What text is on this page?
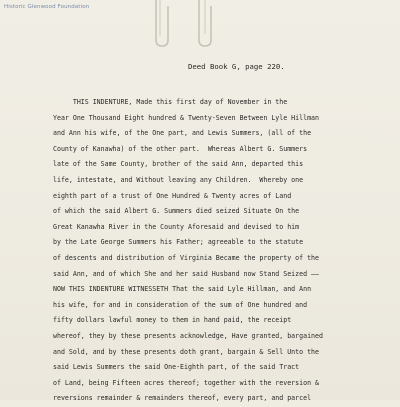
Historic Glenwood Foundation
Deed Book G, page 220.
THIS INDENTURE, Made this first day of November in the
Year One Thousand Eight hundred & Twenty-Seven Between Lyle Hillman
and Ann his wife, of the One part, and Lewis Summers, (all of the
County of Kanawha) of the other part.  Whereas Albert G. Summers
late of the Same County, brother of the said Ann, departed this
life, intestate, and Without leaving any Children.  Whereby one
eighth part of a trust of One Hundred & Twenty acres of Land
of which the said Albert G. Summers died seized Situate On the
Great Kanawha River in the County Aforesaid and devised to him
by the Late George Summers his Father; agreeable to the statute
of descents and distribution of Virginia Became the property of the
said Ann, and of which She and her said Husband now Stand Seized ——
NOW THIS INDENTURE WITNESSETH That the said Lyle Hillman, and Ann
his wife, for and in consideration of the sum of One hundred and
fifty dollars lawful money to them in hand paid, the receipt
whereof, they by these presents acknowledge, Have granted, bargained
and Sold, and by these presents doth grant, bargain & Sell Unto the
said Lewis Summers the said One-Eighth part, of the said Tract
of Land, being Fifteen acres thereof; together with the reversion &
reversions remainder & remainders thereof, every part, and parcel
